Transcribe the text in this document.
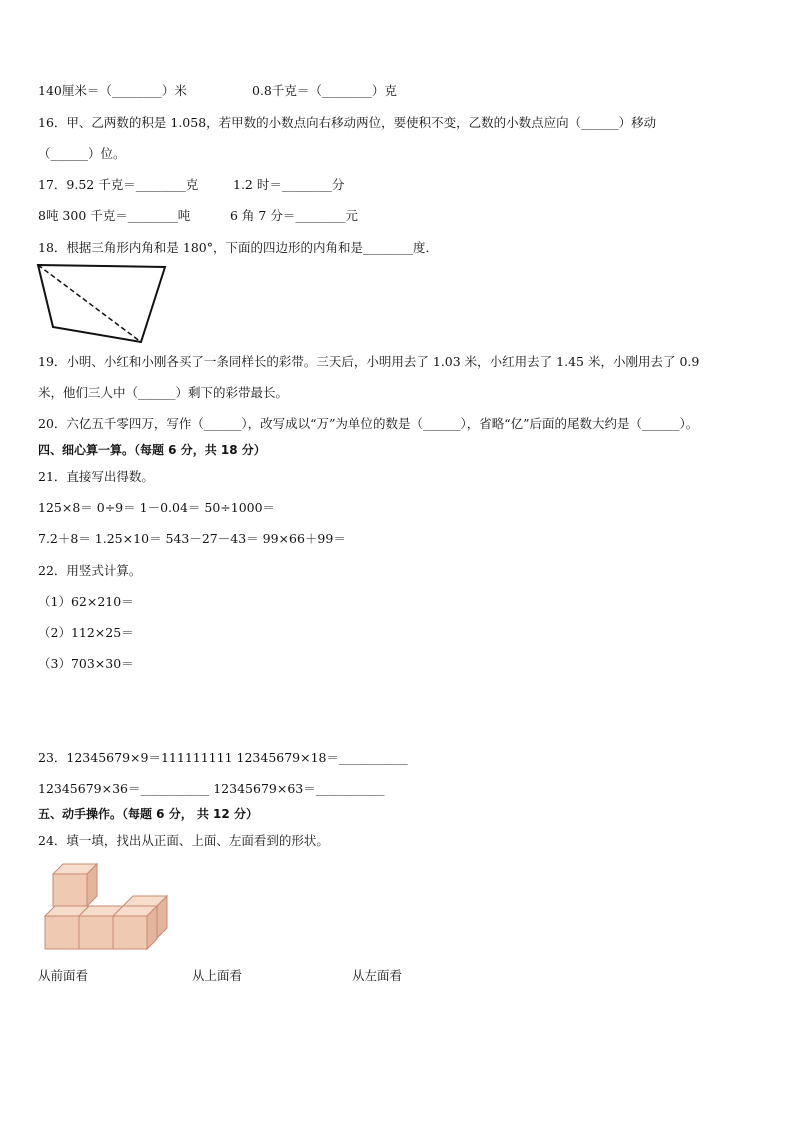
140厘米＝（________）米	0.8千克＝（________）克
16．甲、乙两数的积是 1.058，若甲数的小数点向右移动两位，要使积不变，乙数的小数点应向（______）移动
（______）位。
17．9.52 千克＝________克	1.2 时＝________分
8吨 300 千克＝________吨	6 角 7 分＝________元
18．根据三角形内角和是 180°，下面的四边形的内角和是________度．
19．小明、小红和小刚各买了一条同样长的彩带。三天后，小明用去了 1.03 米，小红用去了 1.45 米，小刚用去了 0.9
米，他们三人中（______）剩下的彩带最长。
20．六亿五千零四万，写作（______），改写成以“万”为单位的数是（______），省略“亿”后面的尾数大约是（______）。
四、细心算一算。（每题 6 分，共 18 分）
21．直接写出得数。
125×8＝ 0÷9＝ 1－0.04＝ 50÷1000＝
7.2＋8＝ 1.25×10＝ 543－27－43＝ 99×66＋99＝
22．用竖式计算。
（1）62×210＝
（2）112×25＝
（3）703×30＝
23．12345679×9＝111111111 12345679×18＝___________
12345679×36＝___________ 12345679×63＝___________
五、动手操作。（每题 6 分， 共 12 分）
24．填一填，找出从正面、上面、左面看到的形状。
从前面看	从上面看	从左面看
